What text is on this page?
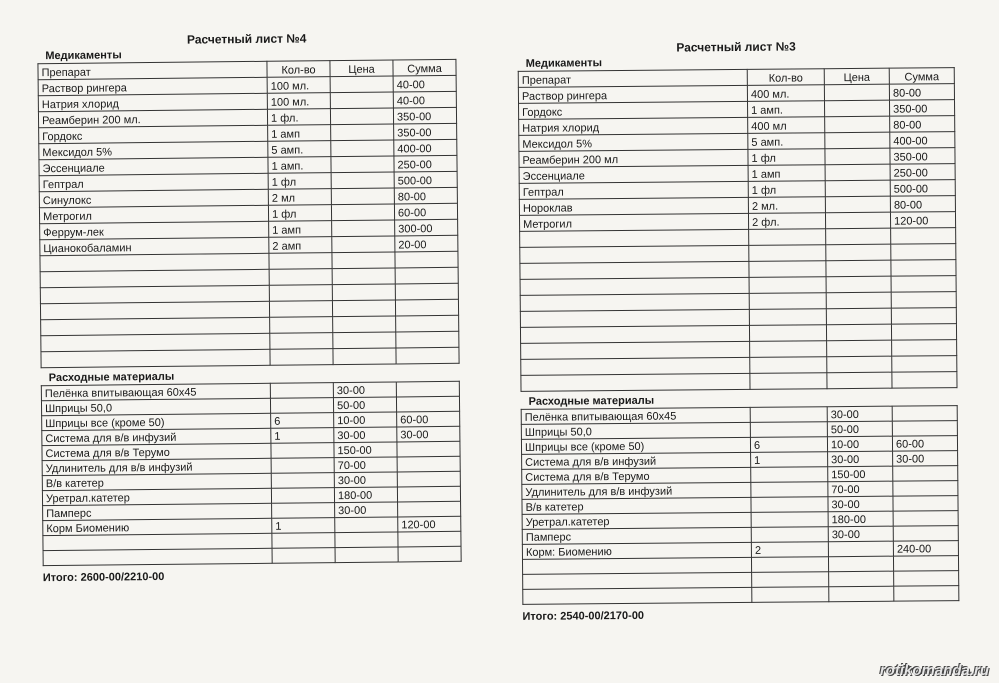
Расчетный лист №4
Медикаменты
Препарат	Кол-во	Цена	Сумма
Раствор рингера	100 мл.		40-00
Натрия хлорид	100 мл.		40-00
Реамберин 200 мл.	1 фл.		350-00
Гордокс	1 амп		350-00
Мексидол 5%	5 амп.		400-00
Эссенциале	1 амп.		250-00
Гептрал	1 фл		500-00
Синулокс	2 мл		80-00
Метрогил	1 фл		60-00
Феррум-лек	1 амп		300-00
Цианокобаламин	2 амп		20-00

Расходные материалы
Пелёнка впитывающая 60х45		30-00	
Шприцы 50,0		50-00	
Шприцы все (кроме 50)	6	10-00	60-00
Система для в/в инфузий	1	30-00	30-00
Система для в/в Терумо		150-00	
Удлинитель для в/в инфузий		70-00	
В/в катетер		30-00	
Уретрал.катетер		180-00	
Памперс		30-00	
Корм Биомению	1		120-00

Итого: 2600-00/2210-00
Расчетный лист №3
Медикаменты
Препарат	Кол-во	Цена	Сумма
Раствор рингера	400 мл.		80-00
Гордокс	1 амп.		350-00
Натрия хлорид	400 мл		80-00
Мексидол 5%	5 амп.		400-00
Реамберин 200 мл	1 фл		350-00
Эссенциале	1 амп		250-00
Гептрал	1 фл		500-00
Нороклав	2 мл.		80-00
Метрогил	2 фл.		120-00

Расходные материалы
Пелёнка впитывающая 60х45		30-00	
Шприцы 50,0		50-00	
Шприцы все (кроме 50)	6	10-00	60-00
Система для в/в инфузий	1	30-00	30-00
Система для в/в Терумо		150-00	
Удлинитель для в/в инфузий		70-00	
В/в катетер		30-00	
Уретрал.катетер		180-00	
Памперс		30-00	
Корм: Биомению	2		240-00

Итого: 2540-00/2170-00
rotikomanda.ru
